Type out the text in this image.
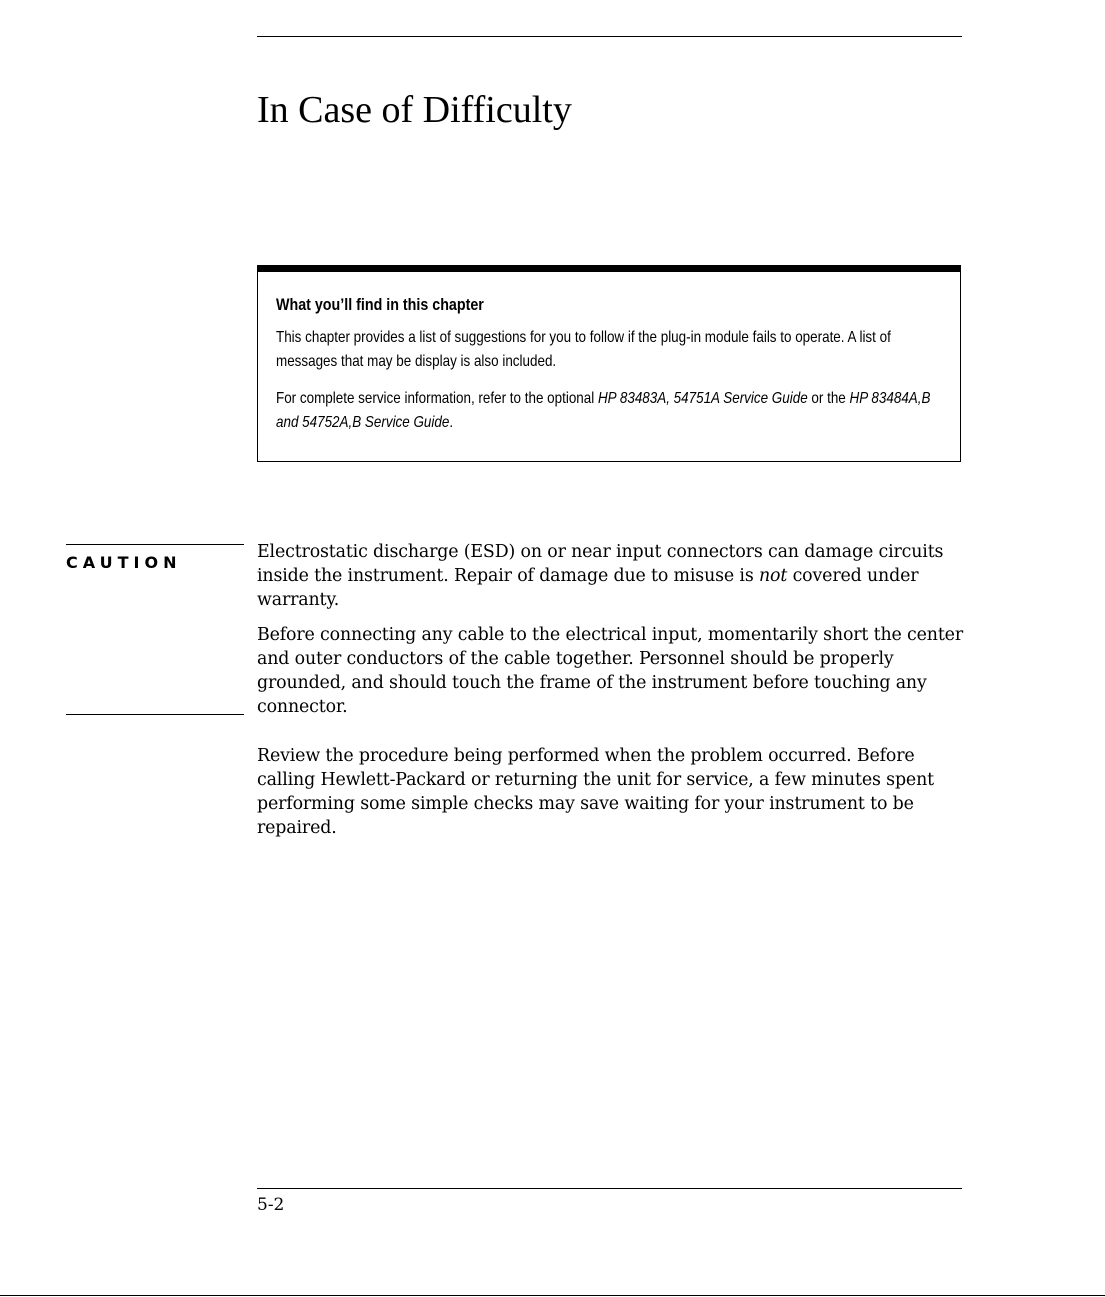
In Case of Difficulty
What you’ll find in this chapter

This chapter provides a list of suggestions for you to follow if the plug-in module fails to operate. A list of messages that may be display is also included.

For complete service information, refer to the optional HP 83483A, 54751A Service Guide or the HP 83484A,B and 54752A,B Service Guide.

CAUTION

Electrostatic discharge (ESD) on or near input connectors can damage circuits inside the instrument. Repair of damage due to misuse is not covered under warranty.

Before connecting any cable to the electrical input, momentarily short the center and outer conductors of the cable together. Personnel should be properly grounded, and should touch the frame of the instrument before touching any connector.

Review the procedure being performed when the problem occurred. Before calling Hewlett-Packard or returning the unit for service, a few minutes spent performing some simple checks may save waiting for your instrument to be repaired.

5-2
